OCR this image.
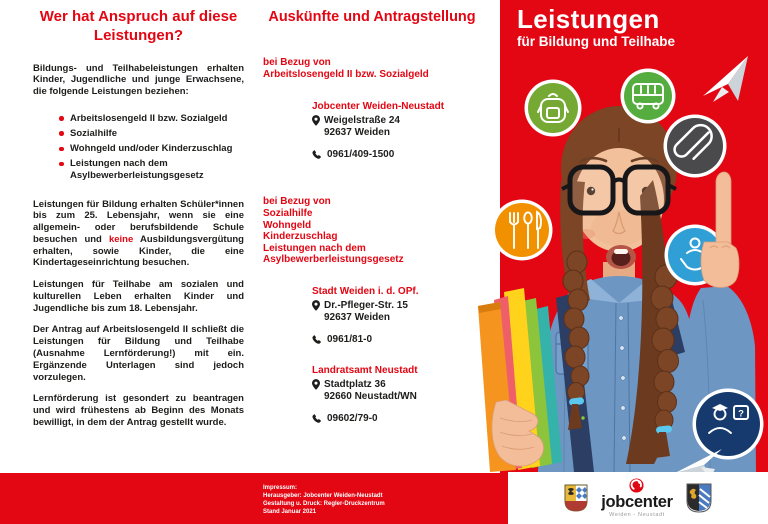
Wer hat Anspruch auf diese Leistungen?

Bildungs- und Teilhabeleistungen erhalten Kinder, Jugendliche und junge Erwachsene, die folgende Leistungen beziehen:

Arbeitslosengeld II bzw. Sozialgeld
Sozialhilfe
Wohngeld und/oder Kinderzuschlag
Leistungen nach dem Asylbewerberleistungsgesetz

Leistungen für Bildung erhalten Schüler*innen bis zum 25. Lebensjahr, wenn sie eine allgemein- oder berufsbildende Schule besuchen und keine Ausbildungsvergütung erhalten, sowie Kinder, die eine Kindertageseinrichtung besuchen.

Leistungen für Teilhabe am sozialen und kulturellen Leben erhalten Kinder und Jugendliche bis zum 18. Lebensjahr.

Der Antrag auf Arbeitslosengeld II schließt die Leistungen für Bildung und Teilhabe (Ausnahme Lernförderung!) mit ein. Ergänzende Unterlagen sind jedoch vorzulegen.

Lernförderung ist gesondert zu beantragen und wird frühestens ab Beginn des Monats bewilligt, in dem der Antrag gestellt wurde.

Auskünfte und Antragstellung
bei Bezug von
Arbeitslosengeld II bzw. Sozialgeld
Jobcenter Weiden-Neustadt
Weigelstraße 24
92637 Weiden
0961/409-1500
bei Bezug von
Sozialhilfe
Wohngeld
Kinderzuschlag
Leistungen nach dem
Asylbewerberleistungsgesetz
Stadt Weiden i. d. OPf.
Dr.-Pfleger-Str. 15
92637 Weiden
0961/81-0
Landratsamt Neustadt
Stadtplatz 36
92660 Neustadt/WN
09602/79-0
Impressum:
Herausgeber: Jobcenter Weiden-Neustadt
Gestaltung u. Druck: Regler-Druckzentrum
Stand Januar 2021
?
Leistungen
für Bildung und Teilhabe
jobcenter
Weiden - Neustadt
